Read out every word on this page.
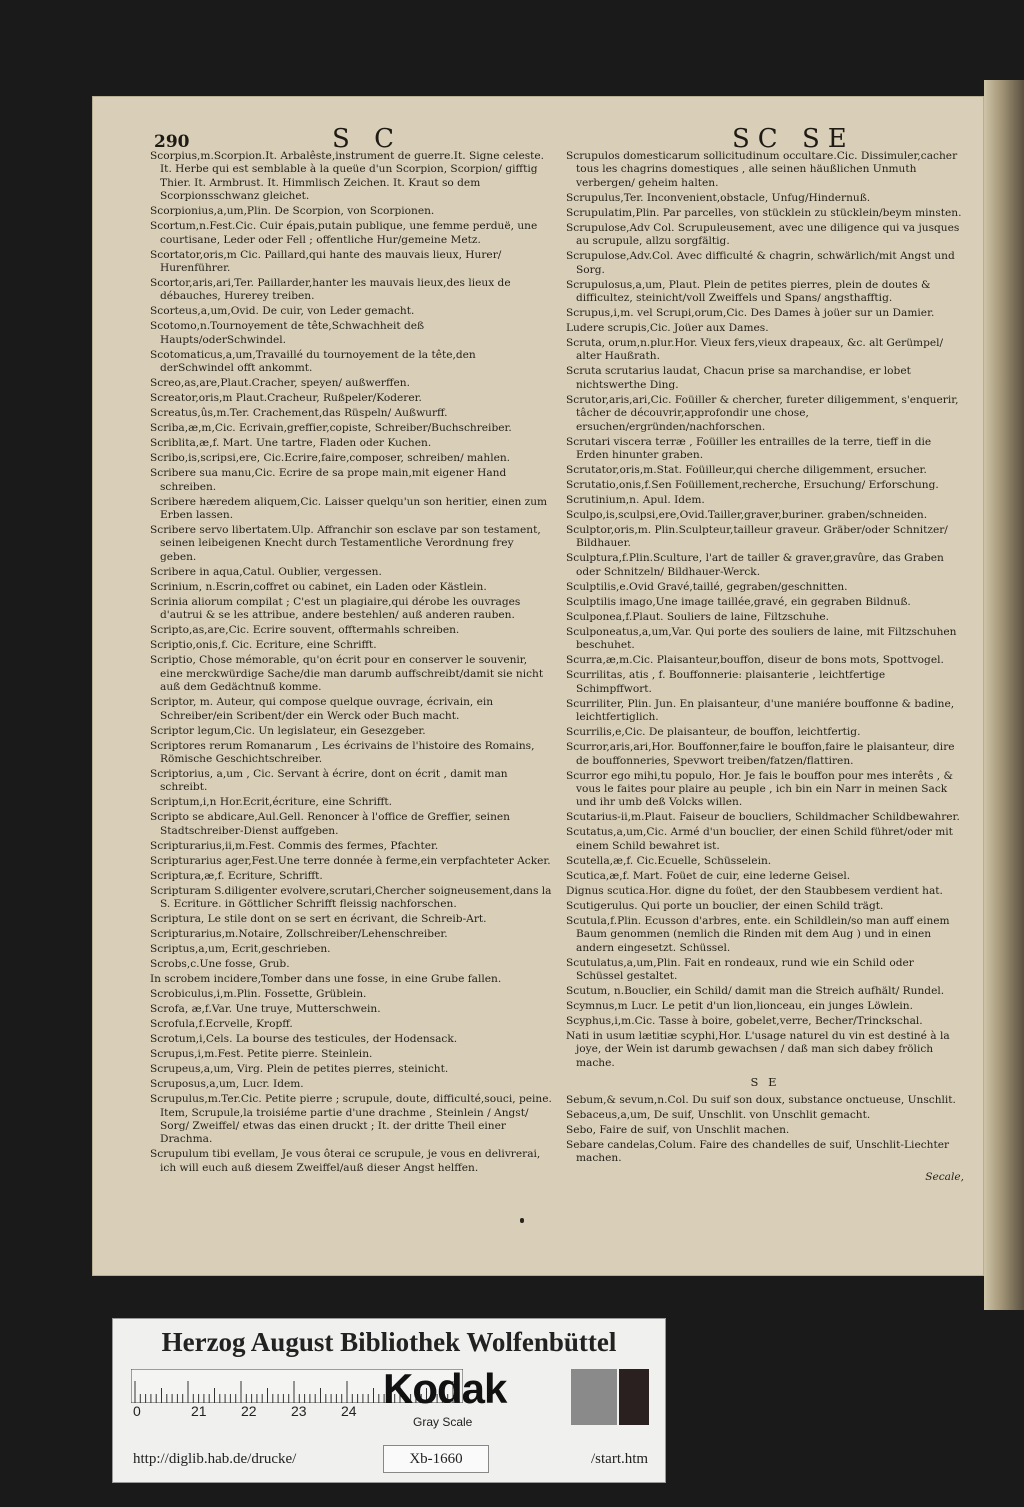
290	S C	SC SE
Scorpius,m.Scorpion.It. Arbalêste,instrument de guerre.It. Signe celeste. It. Herbe qui est semblable à la queüe d'un Scorpion, Scorpion/ gifftig Thier. It. Armbrust. It. Himmlisch Zeichen. It. Kraut so dem Scorpionsschwanz gleichet.
Scorpionius,a,um,Plin. De Scorpion, von Scorpionen.
Scortum,n.Fest.Cic. Cuir épais,putain publique, une femme perduë, une courtisane, Leder oder Fell ; offentliche Hur/gemeine Metz.
Scortator,oris,m Cic. Paillard,qui hante des mauvais lieux, Hurer/ Hurenführer.
Scortor,aris,ari,Ter. Paillarder,hanter les mauvais lieux,des lieux de débauches, Hurerey treiben.
Scorteus,a,um,Ovid. De cuir, von Leder gemacht.
Scotomo,n.Tournoyement de tête,Schwachheit deß Haupts/oderSchwindel.
Scotomaticus,a,um,Travaillé du tournoyement de la tête,den derSchwindel offt ankommt.
Screo,as,are,Plaut.Cracher, speyen/ außwerffen.
Screator,oris,m Plaut.Cracheur, Rußpeler/Koderer.
Screatus,ûs,m.Ter. Crachement,das Rüspeln/ Außwurff.
Scriba,æ,m,Cic. Ecrivain,greffier,copiste, Schreiber/Buchschreiber.
Scriblita,æ,f. Mart. Une tartre, Fladen oder Kuchen.
Scribo,is,scripsi,ere, Cic.Ecrire,faire,composer, schreiben/ mahlen.
Scribere sua manu,Cic. Ecrire de sa prope main,mit eigener Hand schreiben.
Scribere hæredem aliquem,Cic. Laisser quelqu'un son heritier, einen zum Erben lassen.
Scribere servo libertatem.Ulp. Affranchir son esclave par son testament, seinen leibeigenen Knecht durch Testamentliche Verordnung frey geben.
Scribere in aqua,Catul. Oublier, vergessen.
Scrinium, n.Escrin,coffret ou cabinet, ein Laden oder Kästlein.
Scrinia aliorum compilat ; C'est un plagiaire,qui dérobe les ouvrages d'autrui & se les attribue, andere bestehlen/ auß anderen rauben.
Scripto,as,are,Cic. Ecrire souvent, offtermahls schreiben.
Scriptio,onis,f. Cic. Ecriture, eine Schrifft.
Scriptio, Chose mémorable, qu'on écrit pour en conserver le souvenir, eine merckwürdige Sache/die man darumb auffschreibt/damit sie nicht auß dem Gedächtnuß komme.
Scriptor, m. Auteur, qui compose quelque ouvrage, écrivain, ein Schreiber/ein Scribent/der ein Werck oder Buch macht.
Scriptor legum,Cic. Un legislateur, ein Gesezgeber.
Scriptores rerum Romanarum , Les écrivains de l'histoire des Romains, Römische Geschichtschreiber.
Scriptorius, a,um , Cic. Servant à écrire, dont on écrit , damit man schreibt.
Scriptum,i,n Hor.Ecrit,écriture, eine Schrifft.
Scripto se abdicare,Aul.Gell. Renoncer à l'office de Greffier, seinen Stadtschreiber-Dienst auffgeben.
Scripturarius,ii,m.Fest. Commis des fermes, Pfachter.
Scripturarius ager,Fest.Une terre donnée à ferme,ein verpfachteter Acker.
Scriptura,æ,f. Ecriture, Schrifft.
Scripturam S.diligenter evolvere,scrutari,Chercher soigneusement,dans la S. Ecriture. in Göttlicher Schrifft fleissig nachforschen.
Scriptura, Le stile dont on se sert en écrivant, die Schreib-Art.
Scripturarius,m.Notaire, Zollschreiber/Lehenschreiber.
Scriptus,a,um, Ecrit,geschrieben.
Scrobs,c.Une fosse, Grub.
In scrobem incidere,Tomber dans une fosse, in eine Grube fallen.
Scrobiculus,i,m.Plin. Fossette, Grüblein.
Scrofa, æ,f.Var. Une truye, Mutterschwein.
Scrofula,f.Ecrvelle, Kropff.
Scrotum,i,Cels. La bourse des testicules, der Hodensack.
Scrupus,i,m.Fest. Petite pierre. Steinlein.
Scrupeus,a,um, Virg. Plein de petites pierres, steinicht.
Scruposus,a,um, Lucr. Idem.
Scrupulus,m.Ter.Cic. Petite pierre ; scrupule, doute, difficulté,souci, peine. Item, Scrupule,la troisiéme partie d'une drachme , Steinlein / Angst/ Sorg/ Zweiffel/ etwas das einen druckt ; It. der dritte Theil einer Drachma.
Scrupulum tibi evellam, Je vous ôterai ce scrupule, je vous en delivrerai, ich will euch auß diesem Zweiffel/auß dieser Angst helffen.
Scrupulos domesticarum sollicitudinum occultare.Cic. Dissimuler,cacher tous les chagrins domestiques , alle seinen häußlichen Unmuth verbergen/ geheim halten.
Scrupulus,Ter. Inconvenient,obstacle, Unfug/Hindernuß.
Scrupulatim,Plin. Par parcelles, von stücklein zu stücklein/beym minsten.
Scrupulose,Adv Col. Scrupuleusement, avec une diligence qui va jusques au scrupule, allzu sorgfältig.
Scrupulose,Adv.Col. Avec difficulté & chagrin, schwärlich/mit Angst und Sorg.
Scrupulosus,a,um, Plaut. Plein de petites pierres, plein de doutes & difficultez, steinicht/voll Zweiffels und Spans/ angsthafftig.
Scrupus,i,m. vel Scrupi,orum,Cic. Des Dames à joüer sur un Damier.
Ludere scrupis,Cic. Joüer aux Dames.
Scruta, orum,n.plur.Hor. Vieux fers,vieux drapeaux, &c. alt Gerümpel/ alter Haußrath.
Scruta scrutarius laudat, Chacun prise sa marchandise, er lobet nichtswerthe Ding.
Scrutor,aris,ari,Cic. Foüiller & chercher, fureter diligemment, s'enquerir, tâcher de découvrir,approfondir une chose, ersuchen/ergründen/nachforschen.
Scrutari viscera terræ , Foüiller les entrailles de la terre, tieff in die Erden hinunter graben.
Scrutator,oris,m.Stat. Foüilleur,qui cherche diligemment, ersucher.
Scrutatio,onis,f.Sen Foüillement,recherche, Ersuchung/ Erforschung.
Scrutinium,n. Apul. Idem.
Sculpo,is,sculpsi,ere,Ovid.Tailler,graver,buriner. graben/schneiden.
Sculptor,oris,m. Plin.Sculpteur,tailleur graveur. Gräber/oder Schnitzer/ Bildhauer.
Sculptura,f.Plin.Sculture, l'art de tailler & graver,gravûre, das Graben oder Schnitzeln/ Bildhauer-Werck.
Sculptilis,e.Ovid Gravé,taillé, gegraben/geschnitten.
Sculptilis imago,Une image taillée,gravé, ein gegraben Bildnuß.
Sculponea,f.Plaut. Souliers de laine, Filtzschuhe.
Sculponeatus,a,um,Var. Qui porte des souliers de laine, mit Filtzschuhen beschuhet.
Scurra,æ,m.Cic. Plaisanteur,bouffon, diseur de bons mots, Spottvogel.
Scurrilitas, atis , f. Bouffonnerie: plaisanterie , leichtfertige Schimpffwort.
Scurriliter, Plin. Jun. En plaisanteur, d'une maniére bouffonne & badine, leichtfertiglich.
Scurrilis,e,Cic. De plaisanteur, de bouffon, leichtfertig.
Scurror,aris,ari,Hor. Bouffonner,faire le bouffon,faire le plaisanteur, dire de bouffonneries, Spevwort treiben/fatzen/flattiren.
Scurror ego mihi,tu populo, Hor. Je fais le bouffon pour mes interêts , & vous le faites pour plaire au peuple , ich bin ein Narr in meinen Sack und ihr umb deß Volcks willen.
Scutarius-ii,m.Plaut. Faiseur de boucliers, Schildmacher Schildbewahrer.
Scutatus,a,um,Cic. Armé d'un bouclier, der einen Schild führet/oder mit einem Schild bewahret ist.
Scutella,æ,f. Cic.Ecuelle, Schüsselein.
Scutica,æ,f. Mart. Foüet de cuir, eine lederne Geisel.
Dignus scutica.Hor. digne du foüet, der den Staubbesem verdient hat.
Scutigerulus. Qui porte un bouclier, der einen Schild trägt.
Scutula,f.Plin. Ecusson d'arbres, ente. ein Schildlein/so man auff einem Baum genommen (nemlich die Rinden mit dem Aug ) und in einen andern eingesetzt. Schüssel.
Scutulatus,a,um,Plin. Fait en rondeaux, rund wie ein Schild oder Schüssel gestaltet.
Scutum, n.Bouclier, ein Schild/ damit man die Streich aufhält/ Rundel.
Scymnus,m Lucr. Le petit d'un lion,lionceau, ein junges Löwlein.
Scyphus,i,m.Cic. Tasse à boire, gobelet,verre, Becher/Trinckschal.
Nati in usum lætitiæ scyphi,Hor. L'usage naturel du vin est destiné à la joye, der Wein ist darumb gewachsen / daß man sich dabey frölich mache.
S E
Sebum,& sevum,n.Col. Du suif son doux, substance onctueuse, Unschlit.
Sebaceus,a,um, De suif, Unschlit. von Unschlit gemacht.
Sebo, Faire de suif, von Unschlit machen.
Sebare candelas,Colum. Faire des chandelles de suif, Unschlit-Liechter machen.
Secale,
Herzog August Bibliothek Wolfenbüttel
0	21 22 23 24 Kodak
Gray Scale
http://diglib.hab.de/drucke/	Xb-1660	/start.htm
